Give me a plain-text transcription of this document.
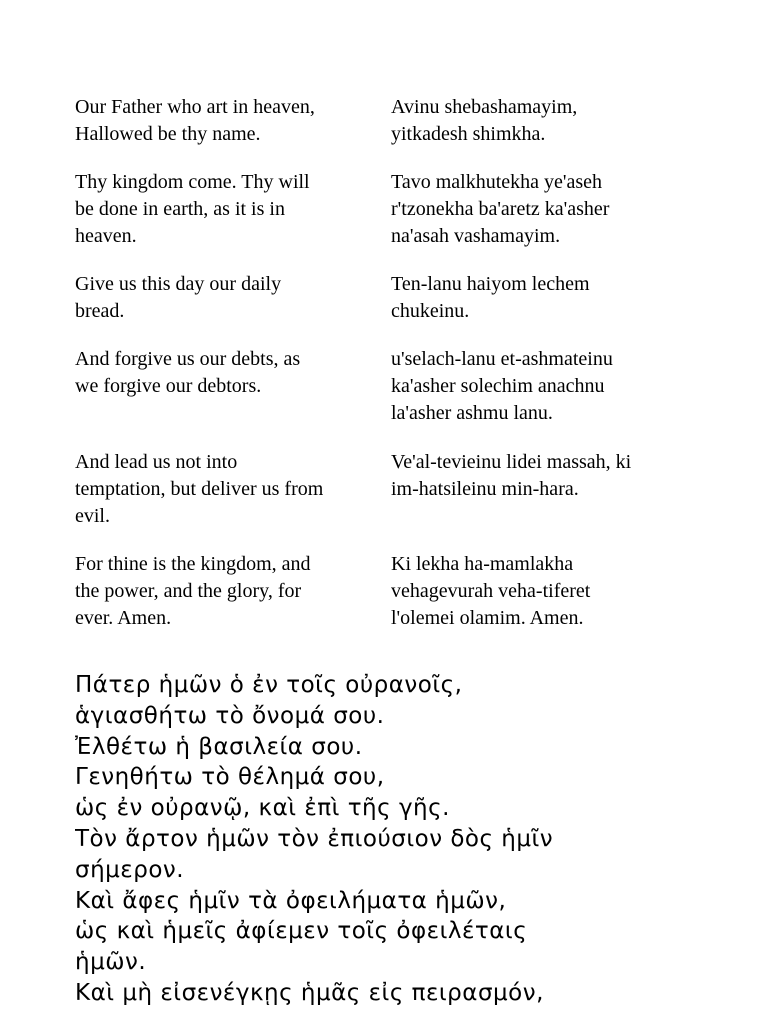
Our Father who art in heaven,
Hallowed be thy name.
Avinu shebashamayim,
yitkadesh shimkha.
Thy kingdom come. Thy will
be done in earth, as it is in
heaven.
Tavo malkhutekha ye'aseh
r'tzonekha ba'aretz ka'asher
na'asah vashamayim.
Give us this day our daily
bread.
Ten-lanu haiyom lechem
chukeinu.
And forgive us our debts, as
we forgive our debtors.
u'selach-lanu et-ashmateinu
ka'asher solechim anachnu
la'asher ashmu lanu.
And lead us not into
temptation, but deliver us from
evil.
Ve'al-tevieinu lidei massah, ki
im-hatsileinu min-hara.
For thine is the kingdom, and
the power, and the glory, for
ever. Amen.
Ki lekha ha-mamlakha
vehagevurah veha-tiferet
l'olemei olamim. Amen.
Πάτερ ἡμῶν ὁ ἐν τοῖς οὐρανοῖς,
ἁγιασθήτω τὸ ὄνομά σου.
Ἐλθέτω ἡ βασιλεία σου.
Γενηθήτω τὸ θέλημά σου,
ὡς ἐν οὐρανῷ, καὶ ἐπὶ τῆς γῆς.
Τὸν ἄρτον ἡμῶν τὸν ἐπιούσιον δὸς ἡμῖν
σήμερον.
Καὶ ἄφες ἡμῖν τὰ ὀφειλήματα ἡμῶν,
ὡς καὶ ἡμεῖς ἀφίεμεν τοῖς ὀφειλέταις
ἡμῶν.
Καὶ μὴ εἰσενέγκῃς ἡμᾶς εἰς πειρασμόν,
